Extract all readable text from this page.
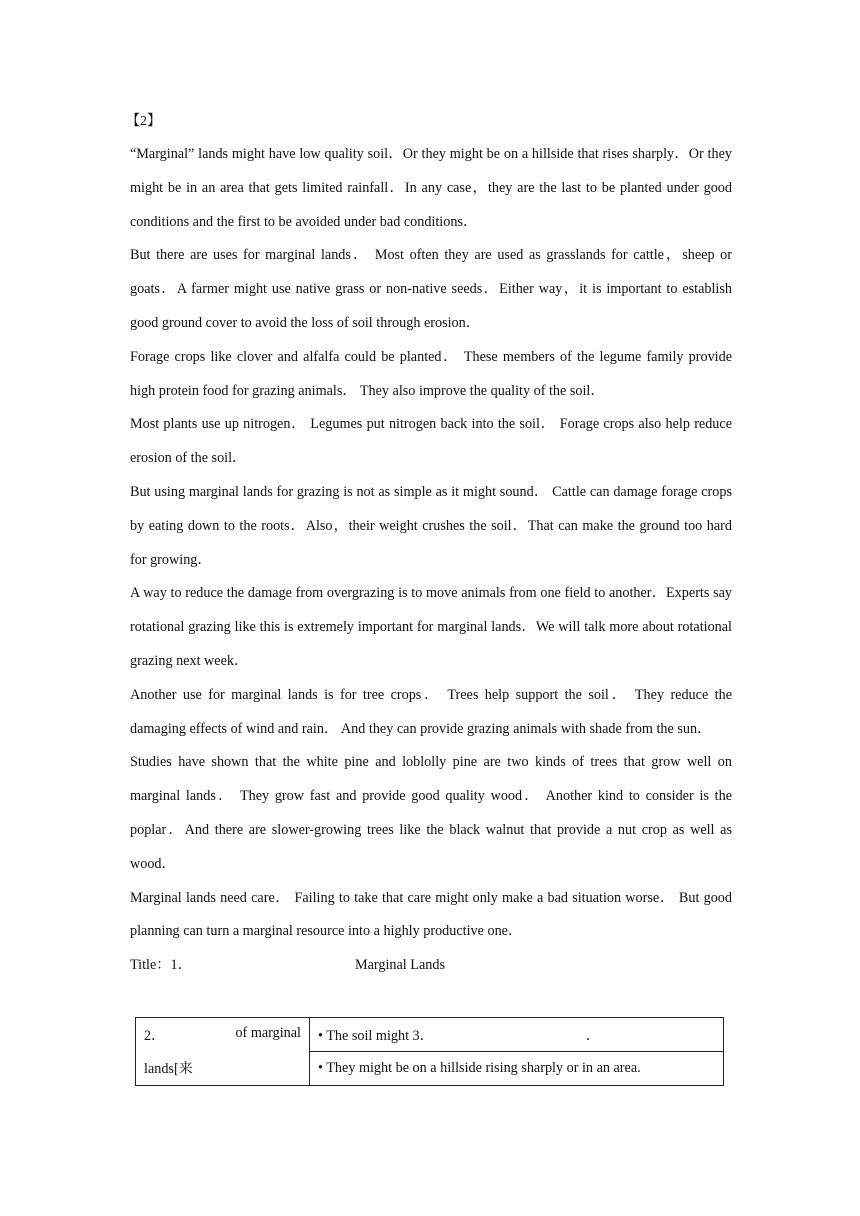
【2】

“Marginal” lands might have low quality soil．Or they might be on a hillside that rises sharply．Or they might be in an area that gets limited rainfall．In any case，they are the last to be planted under good conditions and the first to be avoided under bad conditions．

But there are uses for marginal lands． Most often they are used as grasslands for cattle，sheep or goats．A farmer might use native grass or non-native seeds．Either way，it is important to establish good ground cover to avoid the loss of soil through erosion．

Forage crops like clover and alfalfa could be planted． These members of the legume family provide high protein food for grazing animals． They also improve the quality of the soil．

Most plants use up nitrogen． Legumes put nitrogen back into the soil． Forage crops also help reduce erosion of the soil．

But using marginal lands for grazing is not as simple as it might sound． Cattle can damage forage crops by eating down to the roots．Also，their weight crushes the soil．That can make the ground too hard for growing．

A way to reduce the damage from overgrazing is to move animals from one field to another．Experts say rotational grazing like this is extremely important for marginal lands．We will talk more about rotational grazing next week．

Another use for marginal lands is for tree crops． Trees help support the soil． They reduce the damaging effects of wind and rain． And they can provide grazing animals with shade from the sun．

Studies have shown that the white pine and loblolly pine are two kinds of trees that grow well on marginal lands． They grow fast and provide good quality wood． Another kind to consider is the poplar．And there are slower-growing trees like the black walnut that provide a nut crop as well as wood．

Marginal lands need care． Failing to take that care might only make a bad situation worse． But good planning can turn a marginal resource into a highly productive one．

Title：1．	Marginal Lands
2． of marginal	• The soil might 3． ．
lands[来	• They might be on a hillside rising sharply or in an area.
